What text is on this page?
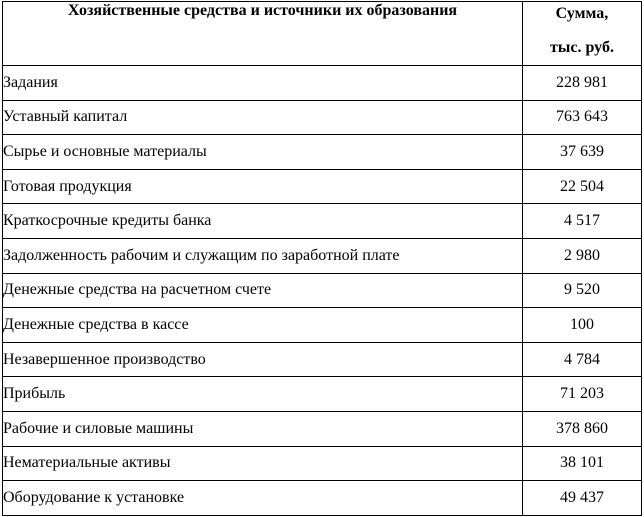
Хозяйственные средства и источники их образования	Сумма,
тыс. руб.

Задания	228 981
Уставный капитал	763 643
Сырье и основные материалы	37 639
Готовая продукция	22 504
Краткосрочные кредиты банка	4 517
Задолженность рабочим и служащим по заработной плате	2 980
Денежные средства на расчетном счете	9 520
Денежные средства в кассе	100
Незавершенное производство	4 784
Прибыль	71 203
Рабочие и силовые машины	378 860
Нематериальные активы	38 101
Оборудование к установке	49 437
